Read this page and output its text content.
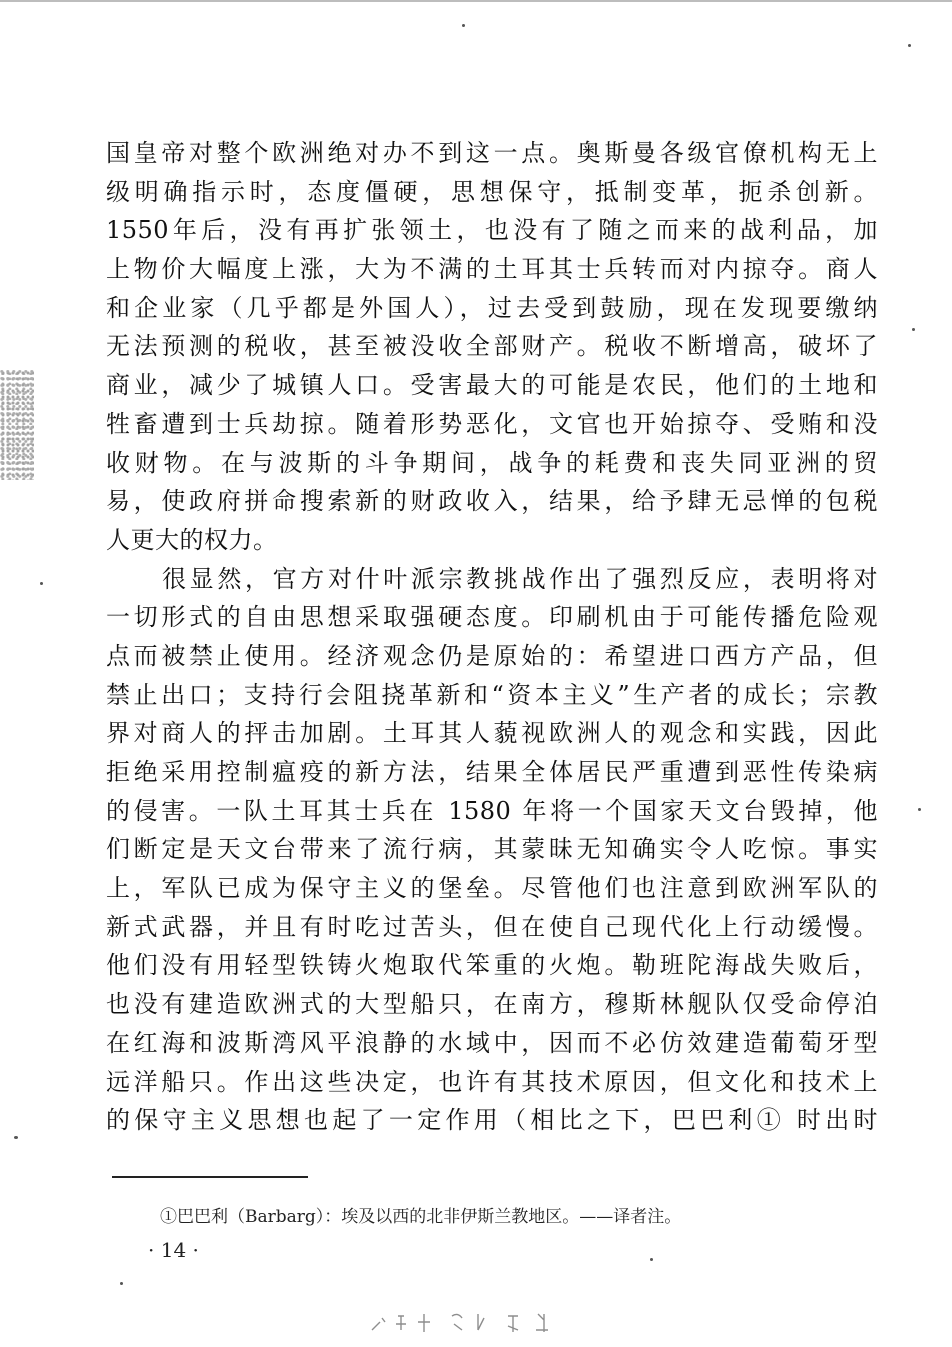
国皇帝对整个欧洲绝对办不到这一点。奥斯曼各级官僚机构无上
级明确指示时，态度僵硬，思想保守，抵制变革，扼杀创新。
1550年后，没有再扩张领土，也没有了随之而来的战利品，加
上物价大幅度上涨，大为不满的土耳其士兵转而对内掠夺。商人
和企业家（几乎都是外国人），过去受到鼓励，现在发现要缴纳
无法预测的税收，甚至被没收全部财产。税收不断增高，破坏了
商业，减少了城镇人口。受害最大的可能是农民，他们的土地和
牲畜遭到士兵劫掠。随着形势恶化，文官也开始掠夺、受贿和没
收财物。在与波斯的斗争期间，战争的耗费和丧失同亚洲的贸
易，使政府拼命搜索新的财政收入，结果，给予肆无忌惮的包税
人更大的权力。
很显然，官方对什叶派宗教挑战作出了强烈反应，表明将对
一切形式的自由思想采取强硬态度。印刷机由于可能传播危险观
点而被禁止使用。经济观念仍是原始的：希望进口西方产品，但
禁止出口；支持行会阻挠革新和“资本主义”生产者的成长；宗教
界对商人的抨击加剧。土耳其人藐视欧洲人的观念和实践，因此
拒绝采用控制瘟疫的新方法，结果全体居民严重遭到恶性传染病
的侵害。一队土耳其士兵在 1580 年将一个国家天文台毁掉，他
们断定是天文台带来了流行病，其蒙昧无知确实令人吃惊。事实
上，军队已成为保守主义的堡垒。尽管他们也注意到欧洲军队的
新式武器，并且有时吃过苦头，但在使自己现代化上行动缓慢。
他们没有用轻型铁铸火炮取代笨重的火炮。勒班陀海战失败后，
也没有建造欧洲式的大型船只，在南方，穆斯林舰队仅受命停泊
在红海和波斯湾风平浪静的水域中，因而不必仿效建造葡萄牙型
远洋船只。作出这些决定，也许有其技术原因，但文化和技术上
的保守主义思想也起了一定作用（相比之下，巴巴利① 时出时
①巴巴利（Barbarg）：埃及以西的北非伊斯兰教地区。——译者注。
· 14 ·
